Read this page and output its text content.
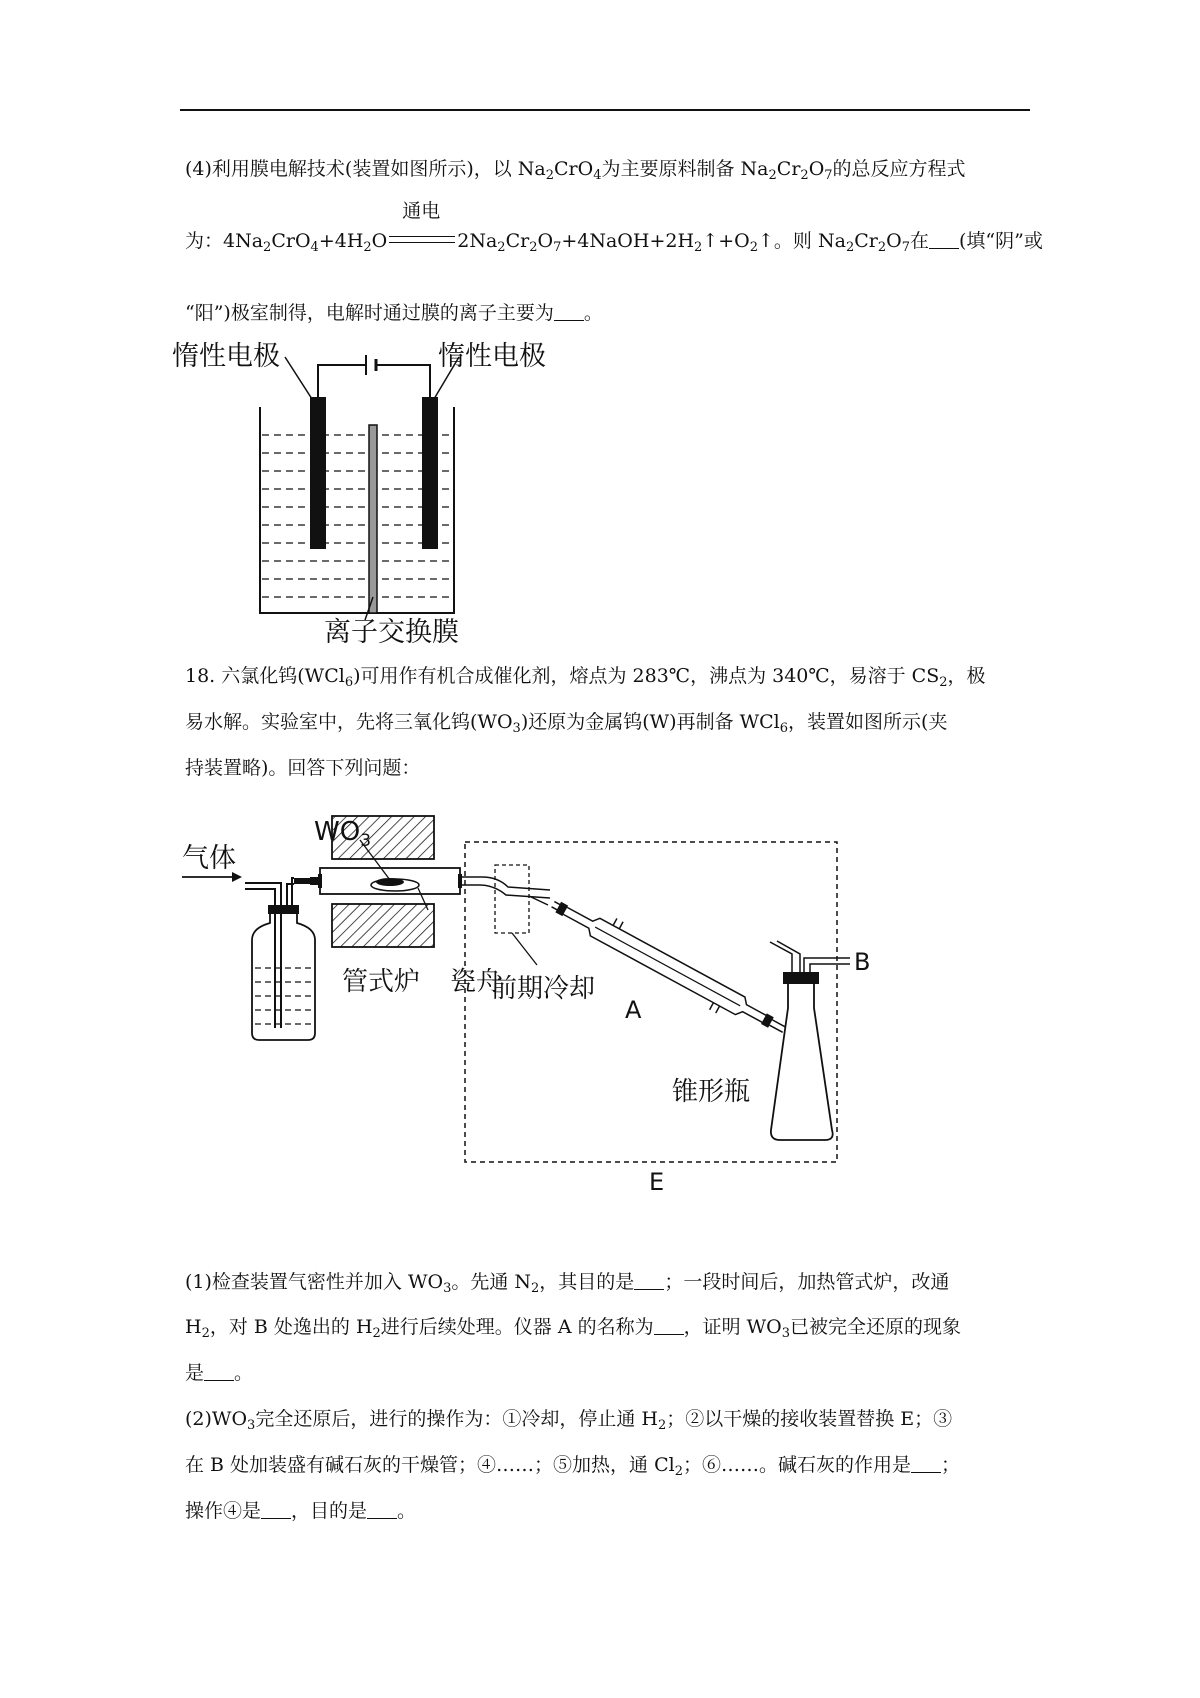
(4)利用膜电解技术(装置如图所示)，以 $Na_2CrO_4$为主要原料制备 $Na_2Cr_2O_7$的总反应方程式
为：$4Na_2CrO_4+4H_2O$
通电
$2Na_2Cr_2O_7+4NaOH+2H_2↑+O_2↑$。则 $Na_2Cr_2O_7$在 (填“阴”或
“阳”)极室制得，电解时通过膜的离子主要为 。
惰性电极	惰性电极
离子交换膜
18. 六氯化钨(WCl$_6$)可用作有机合成催化剂，熔点为 283℃，沸点为 340℃，易溶于 $CS_2$，极
易水解。实验室中，先将三氧化钨$(WO_3)$还原为金属钨(W)再制备 WCl$_6$，装置如图所示(夹
持装置略)。回答下列问题：
气体
$WO_3$
管式炉 瓷舟
E
前期冷却
A
B
锥形瓶
(1)检查装置气密性并加入 $WO_3$。先通 $N_2$，其目的是 ；一段时间后，加热管式炉，改通
$H_2$，对 B 处逸出的 $H_2$进行后续处理。仪器 A 的名称为 ，证明 $WO_3$已被完全还原的现象
是 。
$(2)WO_3$完全还原后，进行的操作为：①冷却，停止通 $H_2$；②以干燥的接收装置替换 E；③
在 B 处加装盛有碱石灰的干燥管；④……；⑤加热，通 $Cl_2$；⑥……。碱石灰的作用是 ；
操作④是 ，目的是 。
